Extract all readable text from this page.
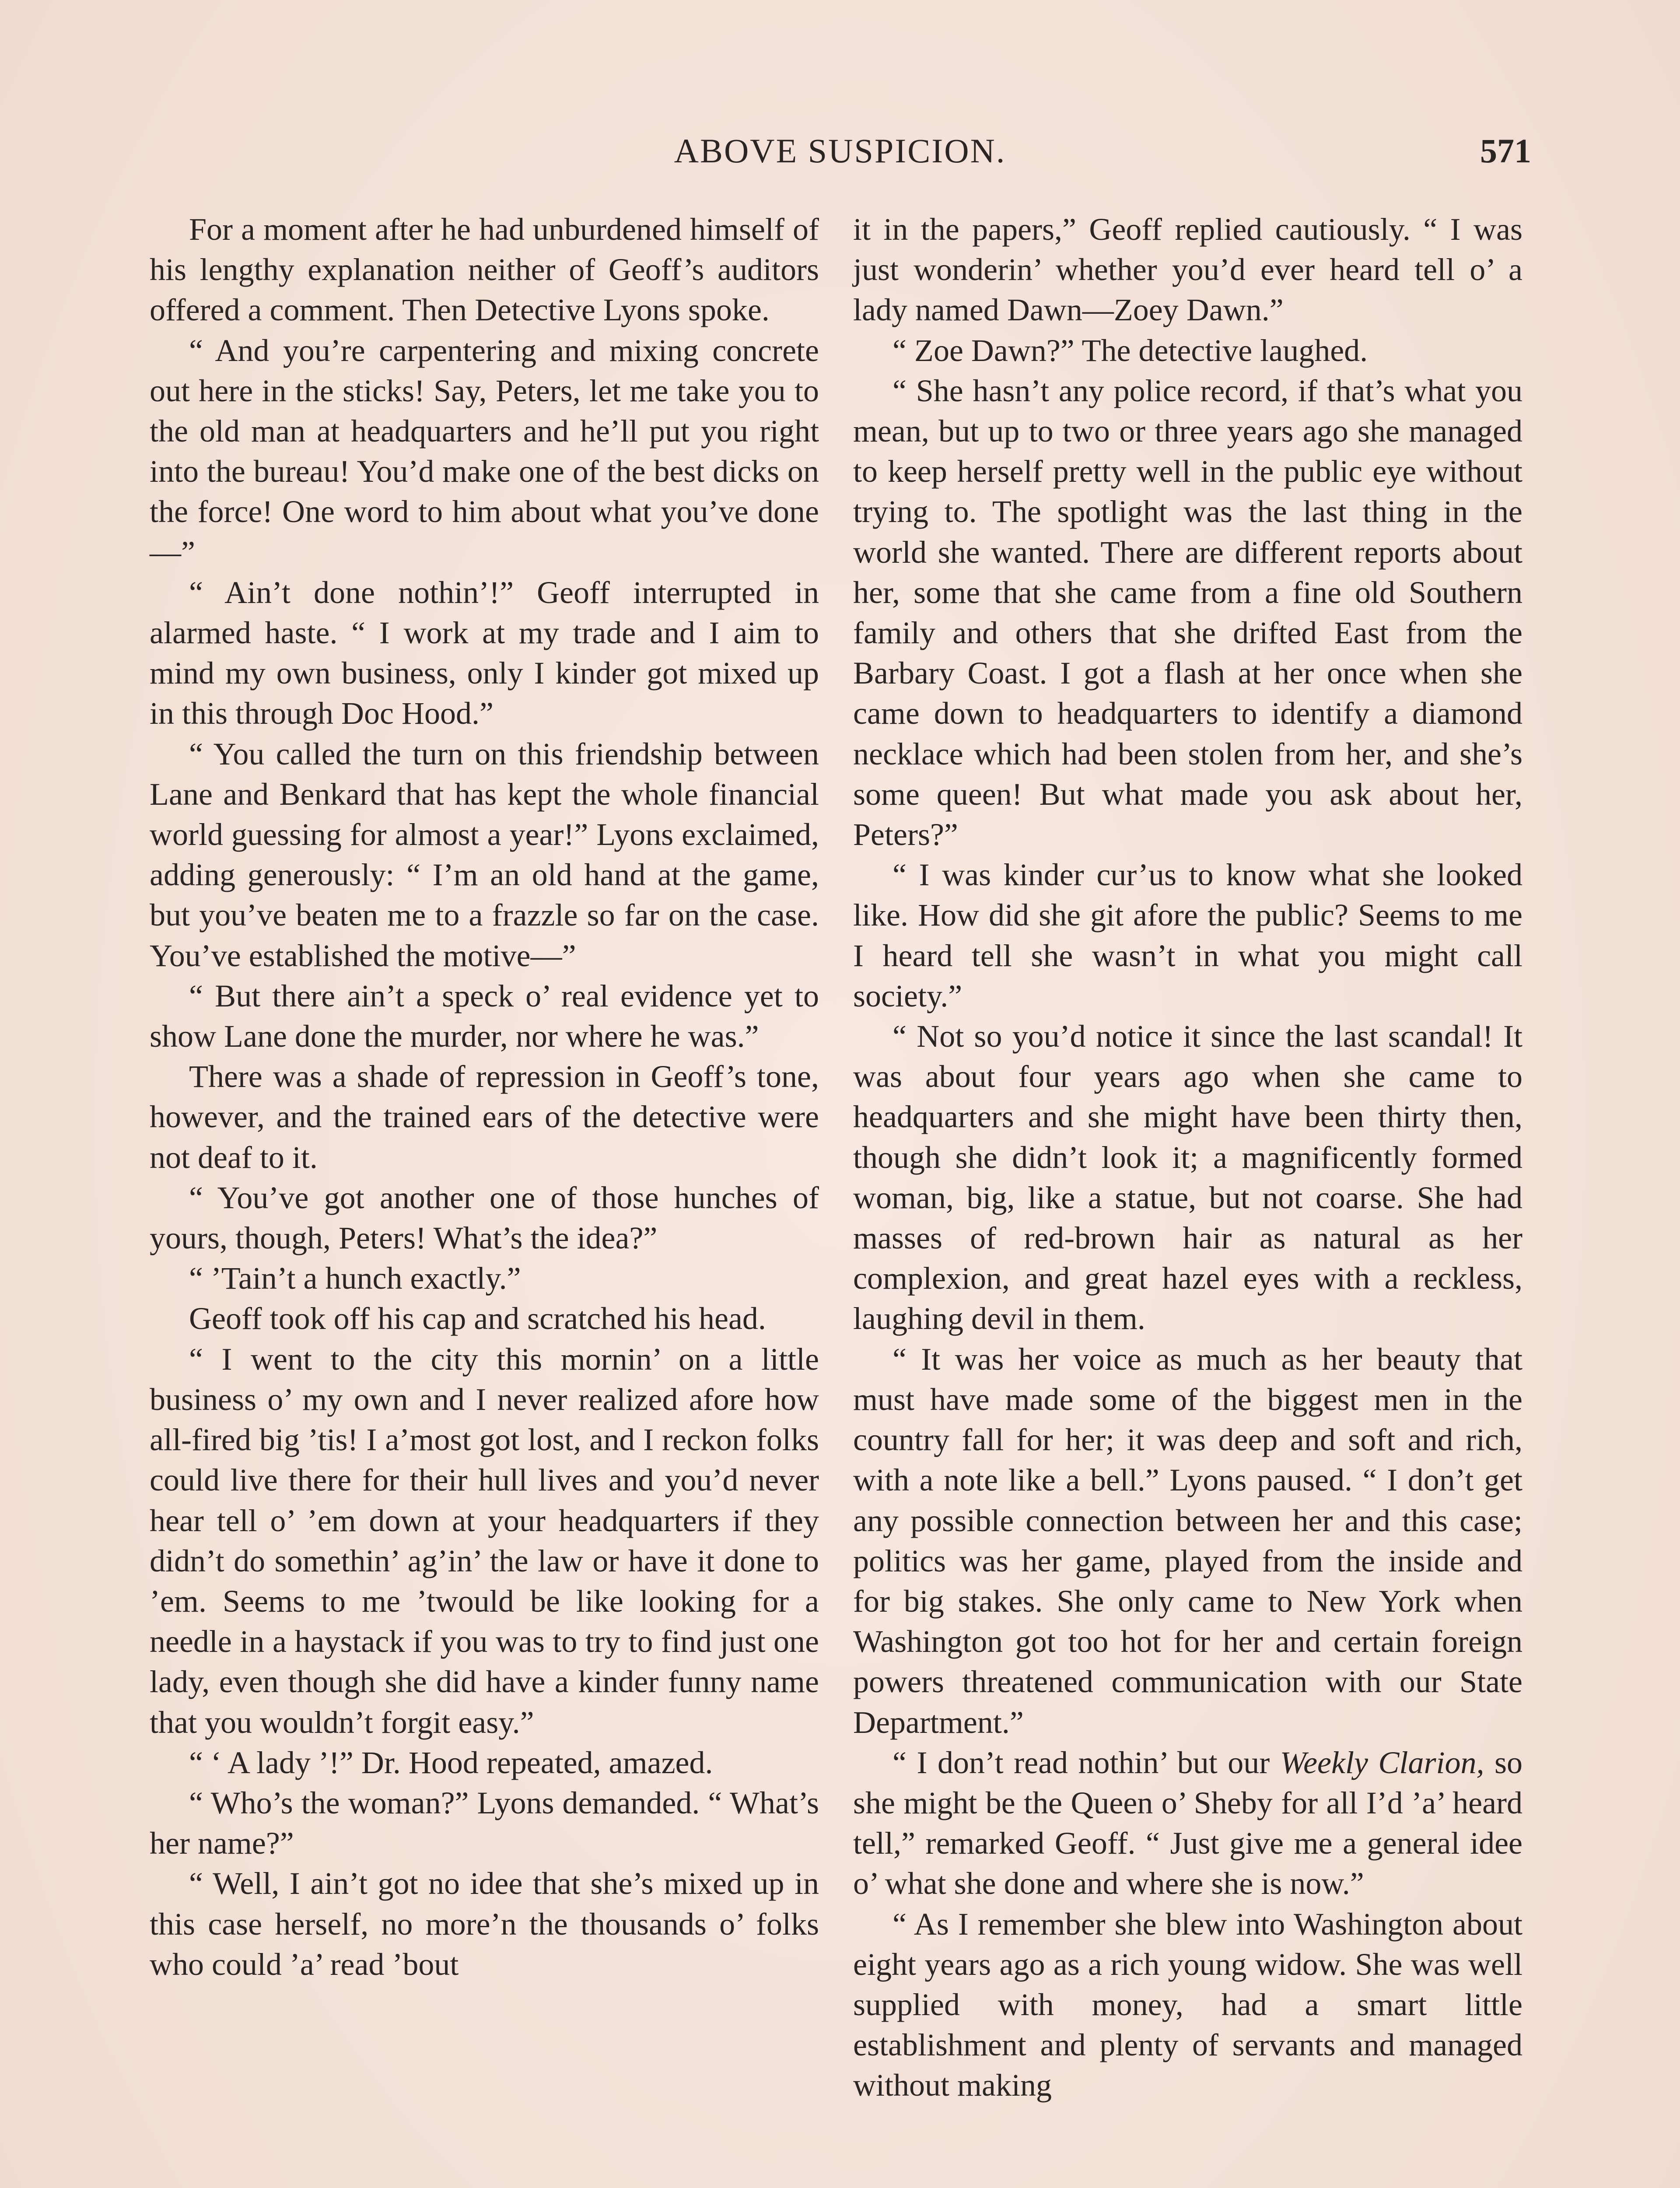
ABOVE SUSPICION.	571

For a moment after he had unburdened himself of his lengthy explanation neither of Geoff’s auditors offered a comment. Then Detective Lyons spoke.

“ And you’re carpentering and mixing concrete out here in the sticks! Say, Peters, let me take you to the old man at headquarters and he’ll put you right into the bureau! You’d make one of the best dicks on the force! One word to him about what you’ve done—”

“ Ain’t done nothin’!” Geoff interrupted in alarmed haste. “ I work at my trade and I aim to mind my own business, only I kinder got mixed up in this through Doc Hood.”

“ You called the turn on this friendship between Lane and Benkard that has kept the whole financial world guessing for almost a year!” Lyons exclaimed, adding generously: “ I’m an old hand at the game, but you’ve beaten me to a frazzle so far on the case. You’ve established the motive—”

“ But there ain’t a speck o’ real evidence yet to show Lane done the murder, nor where he was.”

There was a shade of repression in Geoff’s tone, however, and the trained ears of the detective were not deaf to it.

“ You’ve got another one of those hunches of yours, though, Peters! What’s the idea?”

“ ’Tain’t a hunch exactly.”

Geoff took off his cap and scratched his head.

“ I went to the city this mornin’ on a little business o’ my own and I never realized afore how all-fired big ’tis! I a’most got lost, and I reckon folks could live there for their hull lives and you’d never hear tell o’ ’em down at your headquarters if they didn’t do somethin’ ag’in’ the law or have it done to ’em. Seems to me ’twould be like looking for a needle in a haystack if you was to try to find just one lady, even though she did have a kinder funny name that you wouldn’t forgit easy.”

“ ‘ A lady ’!” Dr. Hood repeated, amazed.

“ Who’s the woman?” Lyons demanded. “ What’s her name?”

“ Well, I ain’t got no idee that she’s mixed up in this case herself, no more’n the thousands o’ folks who could ’a’ read ’bout

it in the papers,” Geoff replied cautiously. “ I was just wonderin’ whether you’d ever heard tell o’ a lady named Dawn—Zoey Dawn.”

“ Zoe Dawn?” The detective laughed.

“ She hasn’t any police record, if that’s what you mean, but up to two or three years ago she managed to keep herself pretty well in the public eye without trying to. The spotlight was the last thing in the world she wanted. There are different reports about her, some that she came from a fine old Southern family and others that she drifted East from the Barbary Coast. I got a flash at her once when she came down to headquarters to identify a diamond necklace which had been stolen from her, and she’s some queen! But what made you ask about her, Peters?”

“ I was kinder cur’us to know what she looked like. How did she git afore the public? Seems to me I heard tell she wasn’t in what you might call society.”

“ Not so you’d notice it since the last scandal! It was about four years ago when she came to headquarters and she might have been thirty then, though she didn’t look it; a magnificently formed woman, big, like a statue, but not coarse. She had masses of red-brown hair as natural as her complexion, and great hazel eyes with a reckless, laughing devil in them.

“ It was her voice as much as her beauty that must have made some of the biggest men in the country fall for her; it was deep and soft and rich, with a note like a bell.” Lyons paused. “ I don’t get any possible connection between her and this case; politics was her game, played from the inside and for big stakes. She only came to New York when Washington got too hot for her and certain foreign powers threatened communication with our State Department.”

“ I don’t read nothin’ but our Weekly Clarion, so she might be the Queen o’ Sheby for all I’d ’a’ heard tell,” remarked Geoff. “ Just give me a general idee o’ what she done and where she is now.”

“ As I remember she blew into Washington about eight years ago as a rich young widow. She was well supplied with money, had a smart little establishment and plenty of servants and managed without making
